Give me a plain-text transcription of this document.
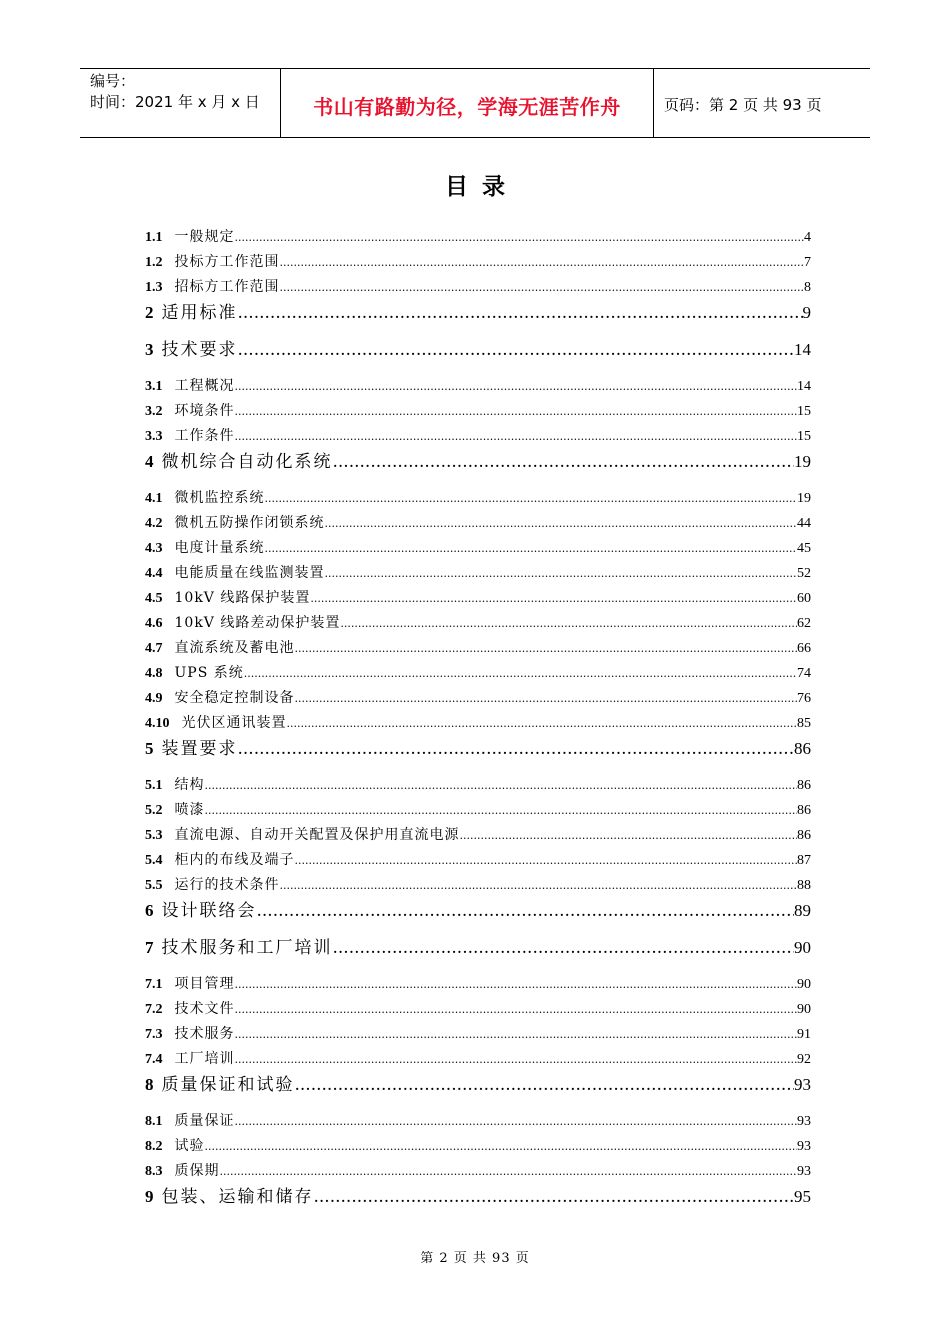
编号：
时间：2021 年 x 月 x 日	书山有路勤为径，学海无涯苦作舟	页码：第 2 页 共 93 页
目录
1.1 一般规定 .....	4
1.2 投标方工作范围 .....	7
1.3 招标方工作范围 .....	8
2 适用标准 .....	9
3 技术要求 .....	14
3.1 工程概况 .....	14
3.2 环境条件 .....	15
3.3 工作条件 .....	15
4 微机综合自动化系统 .....	19
4.1 微机监控系统 .....	19
4.2 微机五防操作闭锁系统 .....	44
4.3 电度计量系统 .....	45
4.4 电能质量在线监测装置 .....	52
4.5 10kV 线路保护装置 .....	60
4.6 10kV 线路差动保护装置 .....	62
4.7 直流系统及蓄电池 .....	66
4.8 UPS 系统 .....	74
4.9 安全稳定控制设备 .....	76
4.10 光伏区通讯装置 .....	85
5 装置要求 .....	86
5.1 结构 .....	86
5.2 喷漆 .....	86
5.3 直流电源、自动开关配置及保护用直流电源 .....	86
5.4 柜内的布线及端子 .....	87
5.5 运行的技术条件 .....	88
6 设计联络会 .....	89
7 技术服务和工厂培训 .....	90
7.1 项目管理 .....	90
7.2 技术文件 .....	90
7.3 技术服务 .....	91
7.4 工厂培训 .....	92
8 质量保证和试验 .....	93
8.1 质量保证 .....	93
8.2 试验 .....	93
8.3 质保期 .....	93
9 包装、运输和储存 .....	95
第 2 页 共 93 页
